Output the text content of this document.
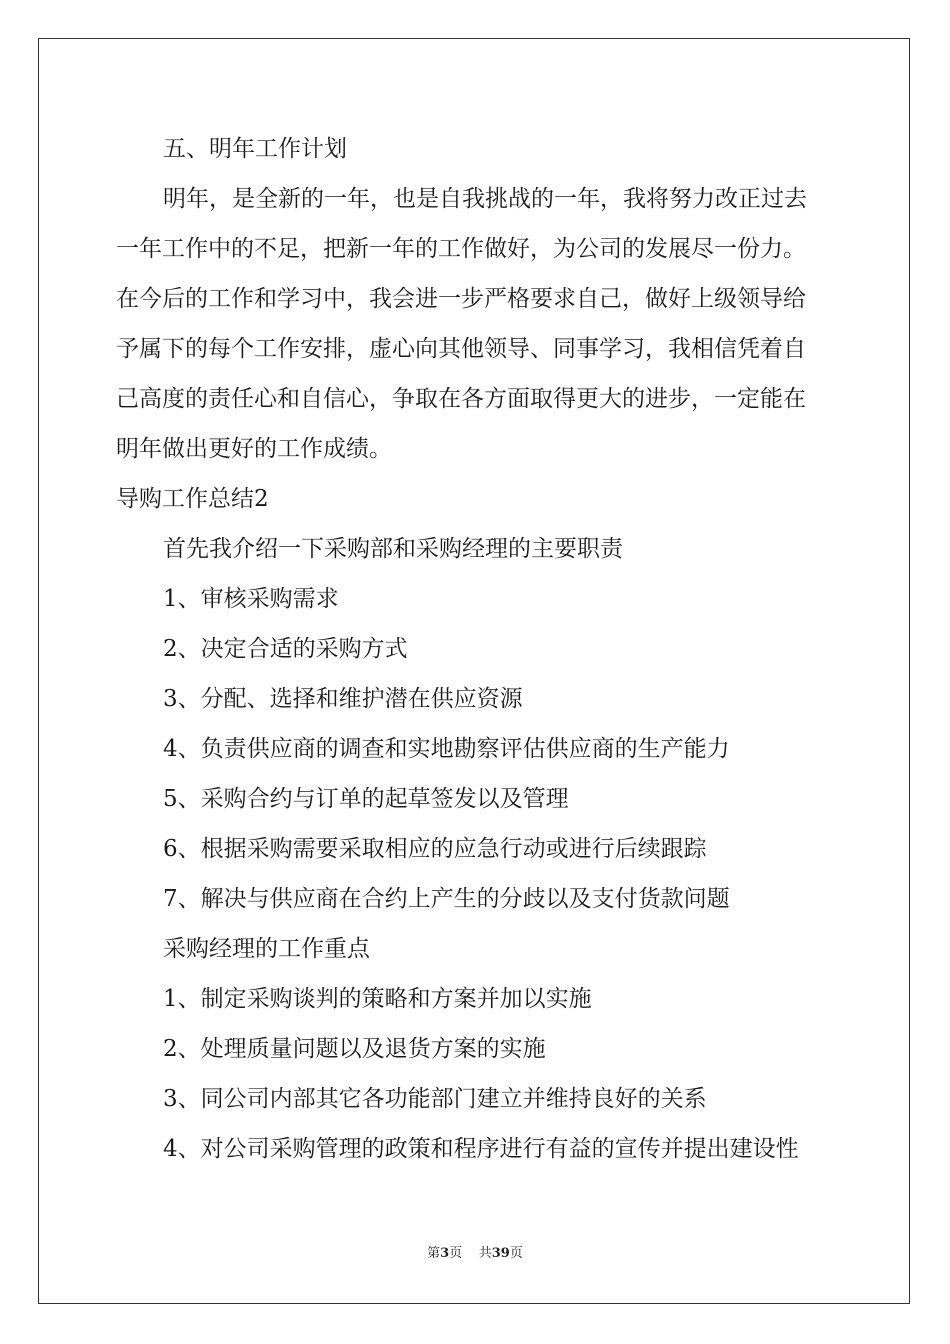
五、明年工作计划
明年，是全新的一年，也是自我挑战的一年，我将努力改正过去
一年工作中的不足，把新一年的工作做好，为公司的发展尽一份力。
在今后的工作和学习中，我会进一步严格要求自己，做好上级领导给
予属下的每个工作安排，虚心向其他领导、同事学习，我相信凭着自
己高度的责任心和自信心，争取在各方面取得更大的进步，一定能在
明年做出更好的工作成绩。
导购工作总结2
首先我介绍一下采购部和采购经理的主要职责
1、审核采购需求
2、决定合适的采购方式
3、分配、选择和维护潜在供应资源
4、负责供应商的调查和实地勘察评估供应商的生产能力
5、采购合约与订单的起草签发以及管理
6、根据采购需要采取相应的应急行动或进行后续跟踪
7、解决与供应商在合约上产生的分歧以及支付货款问题
采购经理的工作重点
1、制定采购谈判的策略和方案并加以实施
2、处理质量问题以及退货方案的实施
3、同公司内部其它各功能部门建立并维持良好的关系
4、对公司采购管理的政策和程序进行有益的宣传并提出建设性
第3页 共39页
